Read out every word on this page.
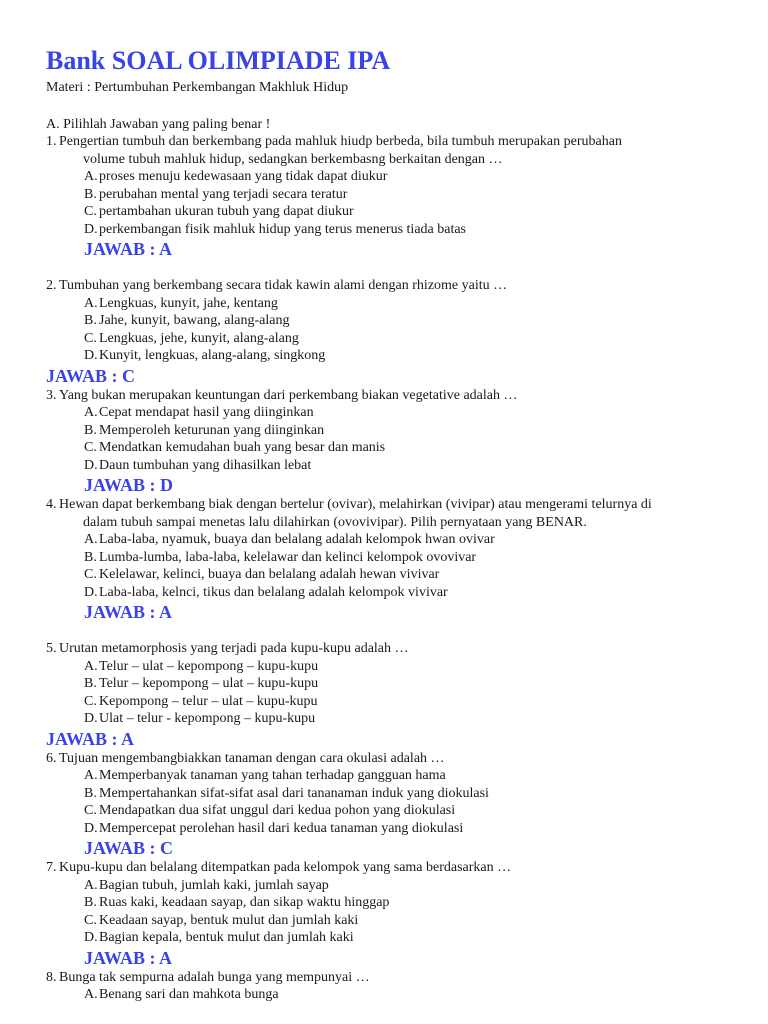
Bank SOAL OLIMPIADE IPA
Materi : Pertumbuhan Perkembangan Makhluk Hidup
A. Pilihlah Jawaban yang paling benar !
1. Pengertian tumbuh dan berkembang pada mahluk hiudp berbeda, bila tumbuh merupakan perubahan
volume tubuh mahluk hidup, sedangkan berkembasng berkaitan dengan …
A. proses menuju kedewasaan yang tidak dapat diukur
B. perubahan mental yang terjadi secara teratur
C. pertambahan ukuran tubuh yang dapat diukur
D. perkembangan fisik mahluk hidup yang terus menerus tiada batas
JAWAB : A
2. Tumbuhan yang berkembang secara tidak kawin alami dengan rhizome yaitu …
A. Lengkuas, kunyit, jahe, kentang
B. Jahe, kunyit, bawang, alang-alang
C. Lengkuas, jehe, kunyit, alang-alang
D. Kunyit, lengkuas, alang-alang, singkong
JAWAB : C
3. Yang bukan merupakan keuntungan dari perkembang biakan vegetative adalah …
A. Cepat mendapat hasil yang diinginkan
B. Memperoleh keturunan yang diinginkan
C. Mendatkan kemudahan buah yang besar dan manis
D. Daun tumbuhan yang dihasilkan lebat
JAWAB : D
4. Hewan dapat berkembang biak dengan bertelur (ovivar), melahirkan (vivipar) atau mengerami telurnya di
dalam tubuh sampai menetas lalu dilahirkan (ovovivipar). Pilih pernyataan yang BENAR.
A. Laba-laba, nyamuk, buaya dan belalang adalah kelompok hwan ovivar
B. Lumba-lumba, laba-laba, kelelawar dan kelinci kelompok ovovivar
C. Kelelawar, kelinci, buaya dan belalang adalah hewan vivivar
D. Laba-laba, kelnci, tikus dan belalang adalah kelompok vivivar
JAWAB : A
5. Urutan metamorphosis yang terjadi pada kupu-kupu adalah …
A. Telur – ulat – kepompong – kupu-kupu
B. Telur – kepompong – ulat – kupu-kupu
C. Kepompong – telur – ulat – kupu-kupu
D. Ulat – telur - kepompong – kupu-kupu
JAWAB : A
6. Tujuan mengembangbiakkan tanaman dengan cara okulasi adalah …
A. Memperbanyak tanaman yang tahan terhadap gangguan hama
B. Mempertahankan sifat-sifat asal dari tananaman induk yang diokulasi
C. Mendapatkan dua sifat unggul dari kedua pohon yang diokulasi
D. Mempercepat perolehan hasil dari kedua tanaman yang diokulasi
JAWAB : C
7. Kupu-kupu dan belalang ditempatkan pada kelompok yang sama berdasarkan …
A. Bagian tubuh, jumlah kaki, jumlah sayap
B. Ruas kaki, keadaan sayap, dan sikap waktu hinggap
C. Keadaan sayap, bentuk mulut dan jumlah kaki
D. Bagian kepala, bentuk mulut dan jumlah kaki
JAWAB : A
8. Bunga tak sempurna adalah bunga yang mempunyai …
A. Benang sari dan mahkota bunga
